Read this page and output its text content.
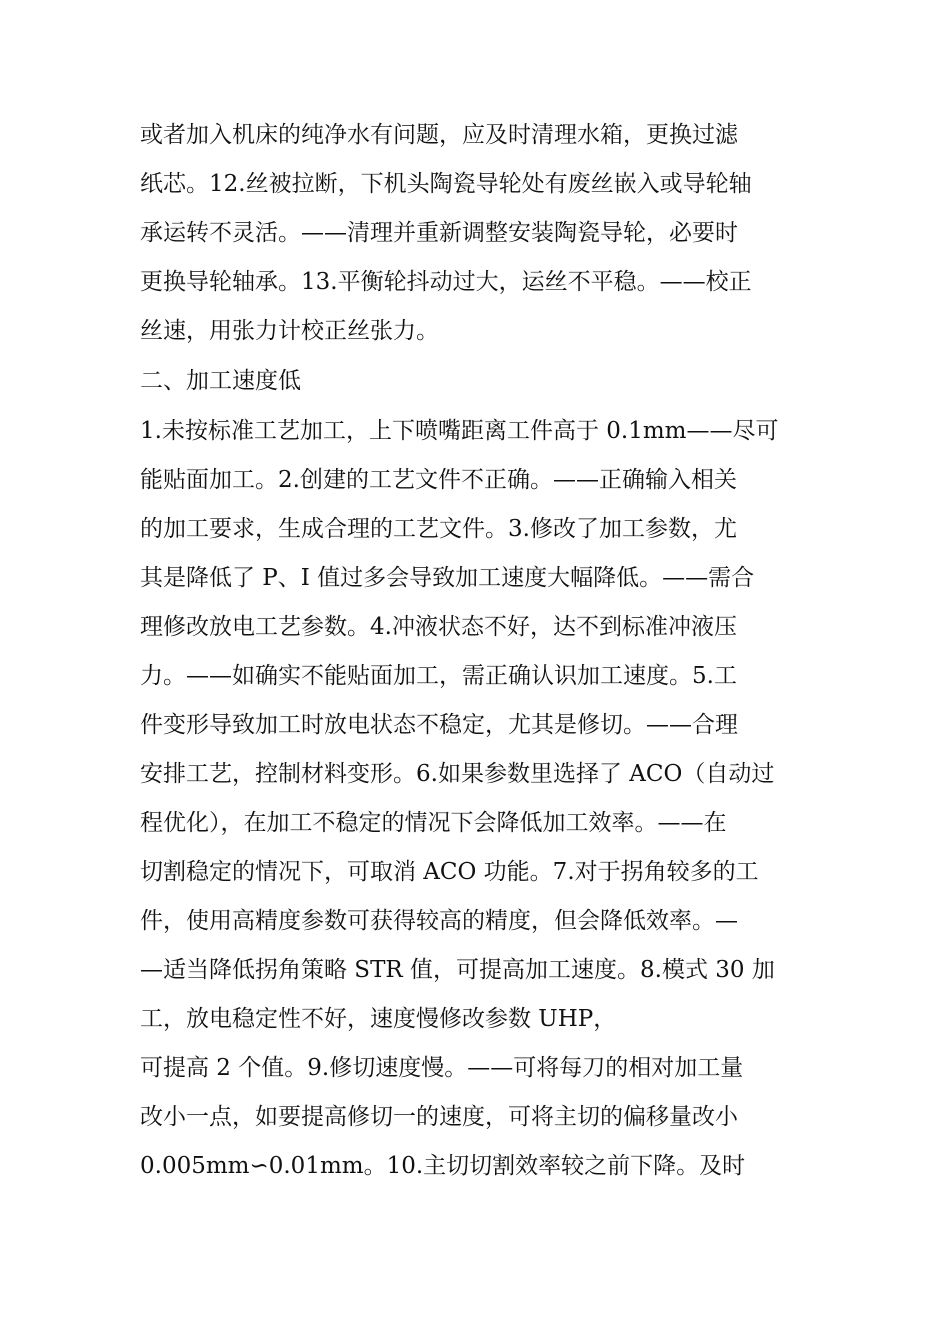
或者加入机床的纯净水有问题，应及时清理水箱，更换过滤
纸芯。12.丝被拉断，下机头陶瓷导轮处有废丝嵌入或导轮轴
承运转不灵活。——清理并重新调整安装陶瓷导轮，必要时
更换导轮轴承。13.平衡轮抖动过大，运丝不平稳。——校正
丝速，用张力计校正丝张力。
二、加工速度低
1.未按标准工艺加工，上下喷嘴距离工件高于 0.1mm——尽可
能贴面加工。2.创建的工艺文件不正确。——正确输入相关
的加工要求，生成合理的工艺文件。3.修改了加工参数，尤
其是降低了 P、I 值过多会导致加工速度大幅降低。——需合
理修改放电工艺参数。4.冲液状态不好，达不到标准冲液压
力。——如确实不能贴面加工，需正确认识加工速度。5.工
件变形导致加工时放电状态不稳定，尤其是修切。——合理
安排工艺，控制材料变形。6.如果参数里选择了 ACO（自动过
程优化），在加工不稳定的情况下会降低加工效率。——在
切割稳定的情况下，可取消 ACO 功能。7.对于拐角较多的工
件，使用高精度参数可获得较高的精度，但会降低效率。—
—适当降低拐角策略 STR 值，可提高加工速度。8.模式 30 加
工，放电稳定性不好，速度慢修改参数 UHP，
可提高 2 个值。9.修切速度慢。——可将每刀的相对加工量
改小一点，如要提高修切一的速度，可将主切的偏移量改小
0.005mm∽0.01mm。10.主切切割效率较之前下降。及时
